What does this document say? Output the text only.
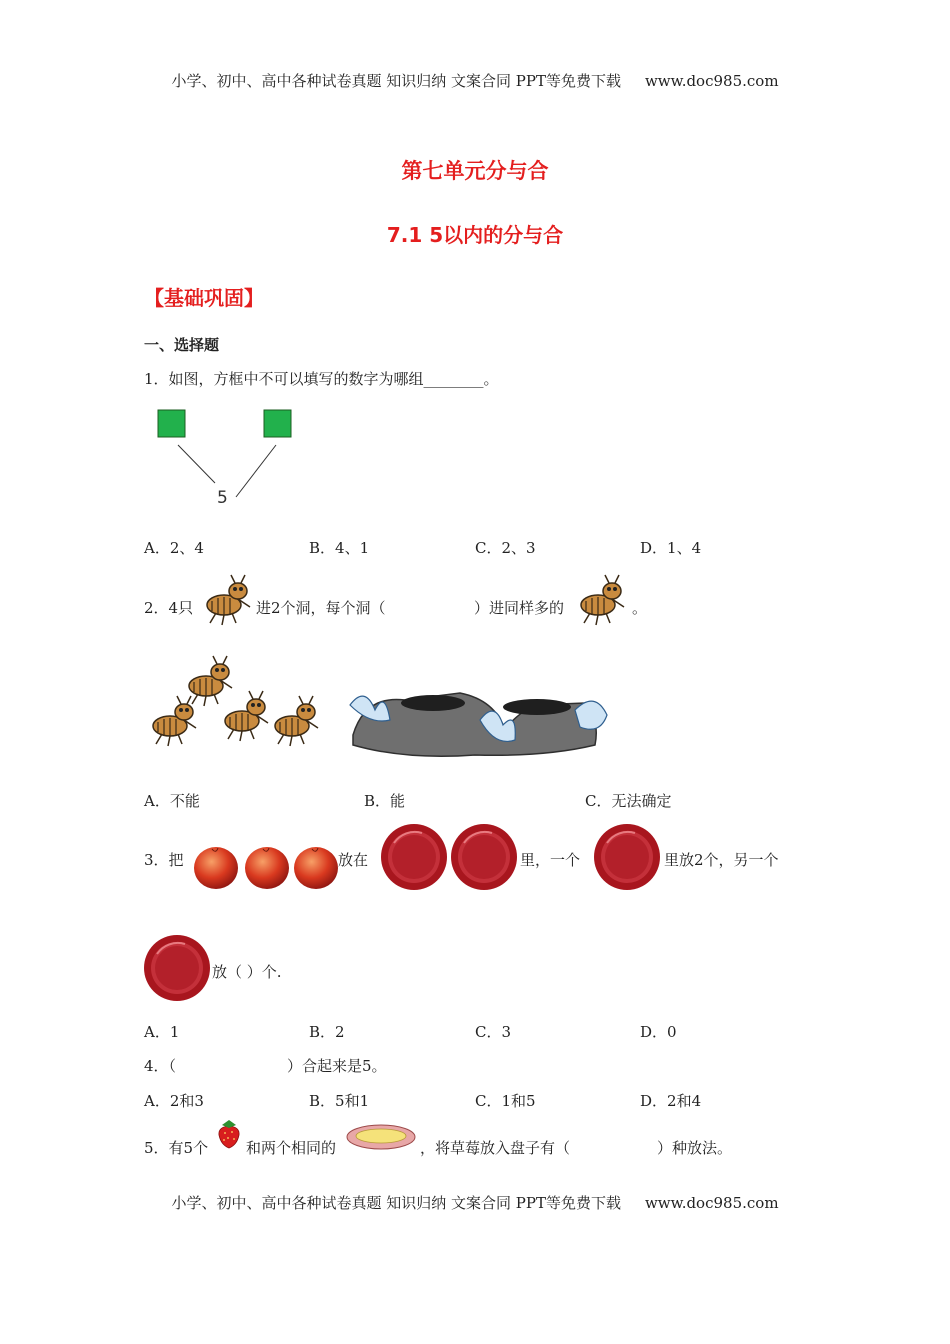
小学、初中、高中各种试卷真题 知识归纳 文案合同 PPT等免费下载 www.doc985.com
第七单元分与合
7.1 5以内的分与合
【基础巩固】
一、选择题
1．如图，方框中不可以填写的数字为哪组________。
5
A．2、4	B．4、1	C．2、3	D．1、4
2．4只	进2个洞，每个洞（	）进同样多的	。
A．不能	B．能	C．无法确定
3．把	放在	里，一个	里放2个，另一个
放（ ）个.
A．1	B．2	C．3	D．0
4．（	）合起来是5。
A．2和3	B．5和1	C．1和5	D．2和4
5．有5个	和两个相同的	，将草莓放入盘子有（	）种放法。
小学、初中、高中各种试卷真题 知识归纳 文案合同 PPT等免费下载 www.doc985.com
